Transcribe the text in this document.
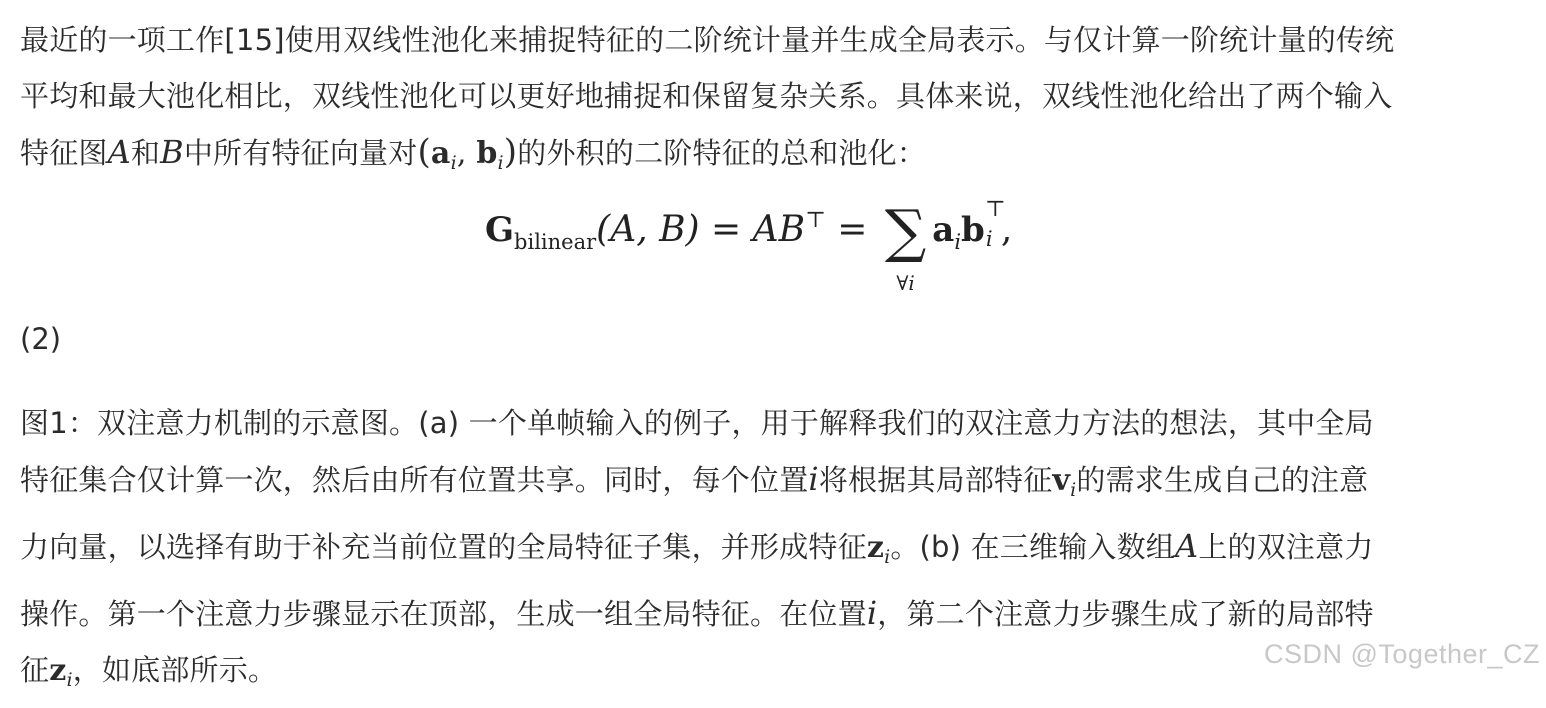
最近的一项工作[15]使用双线性池化来捕捉特征的二阶统计量并生成全局表示。与仅计算一阶统计量的传统
平均和最大池化相比，双线性池化可以更好地捕捉和保留复杂关系。具体来说，双线性池化给出了两个输入
特征图A和B中所有特征向量对($a_i$, $b_i$)的外积的二阶特征的总和池化：

$G_{bilinear}(A$, B) = AB⊤ = ∑
∀i
$a_ib$
⊤
i ,
(2)

图1：双注意力机制的示意图。(a) 一个单帧输入的例子，用于解释我们的双注意力方法的想法，其中全局
特征集合仅计算一次，然后由所有位置共享。同时，每个位置i将根据其局部特征$v_i$的需求生成自己的注意
力向量，以选择有助于补充当前位置的全局特征子集，并形成特征$z_i$。(b) 在三维输入数组A上的双注意力
操作。第一个注意力步骤显示在顶部，生成一组全局特征。在位置i，第二个注意力步骤生成了新的局部特
征$z_i$，如底部所示。	CSDN @Together_CZ
